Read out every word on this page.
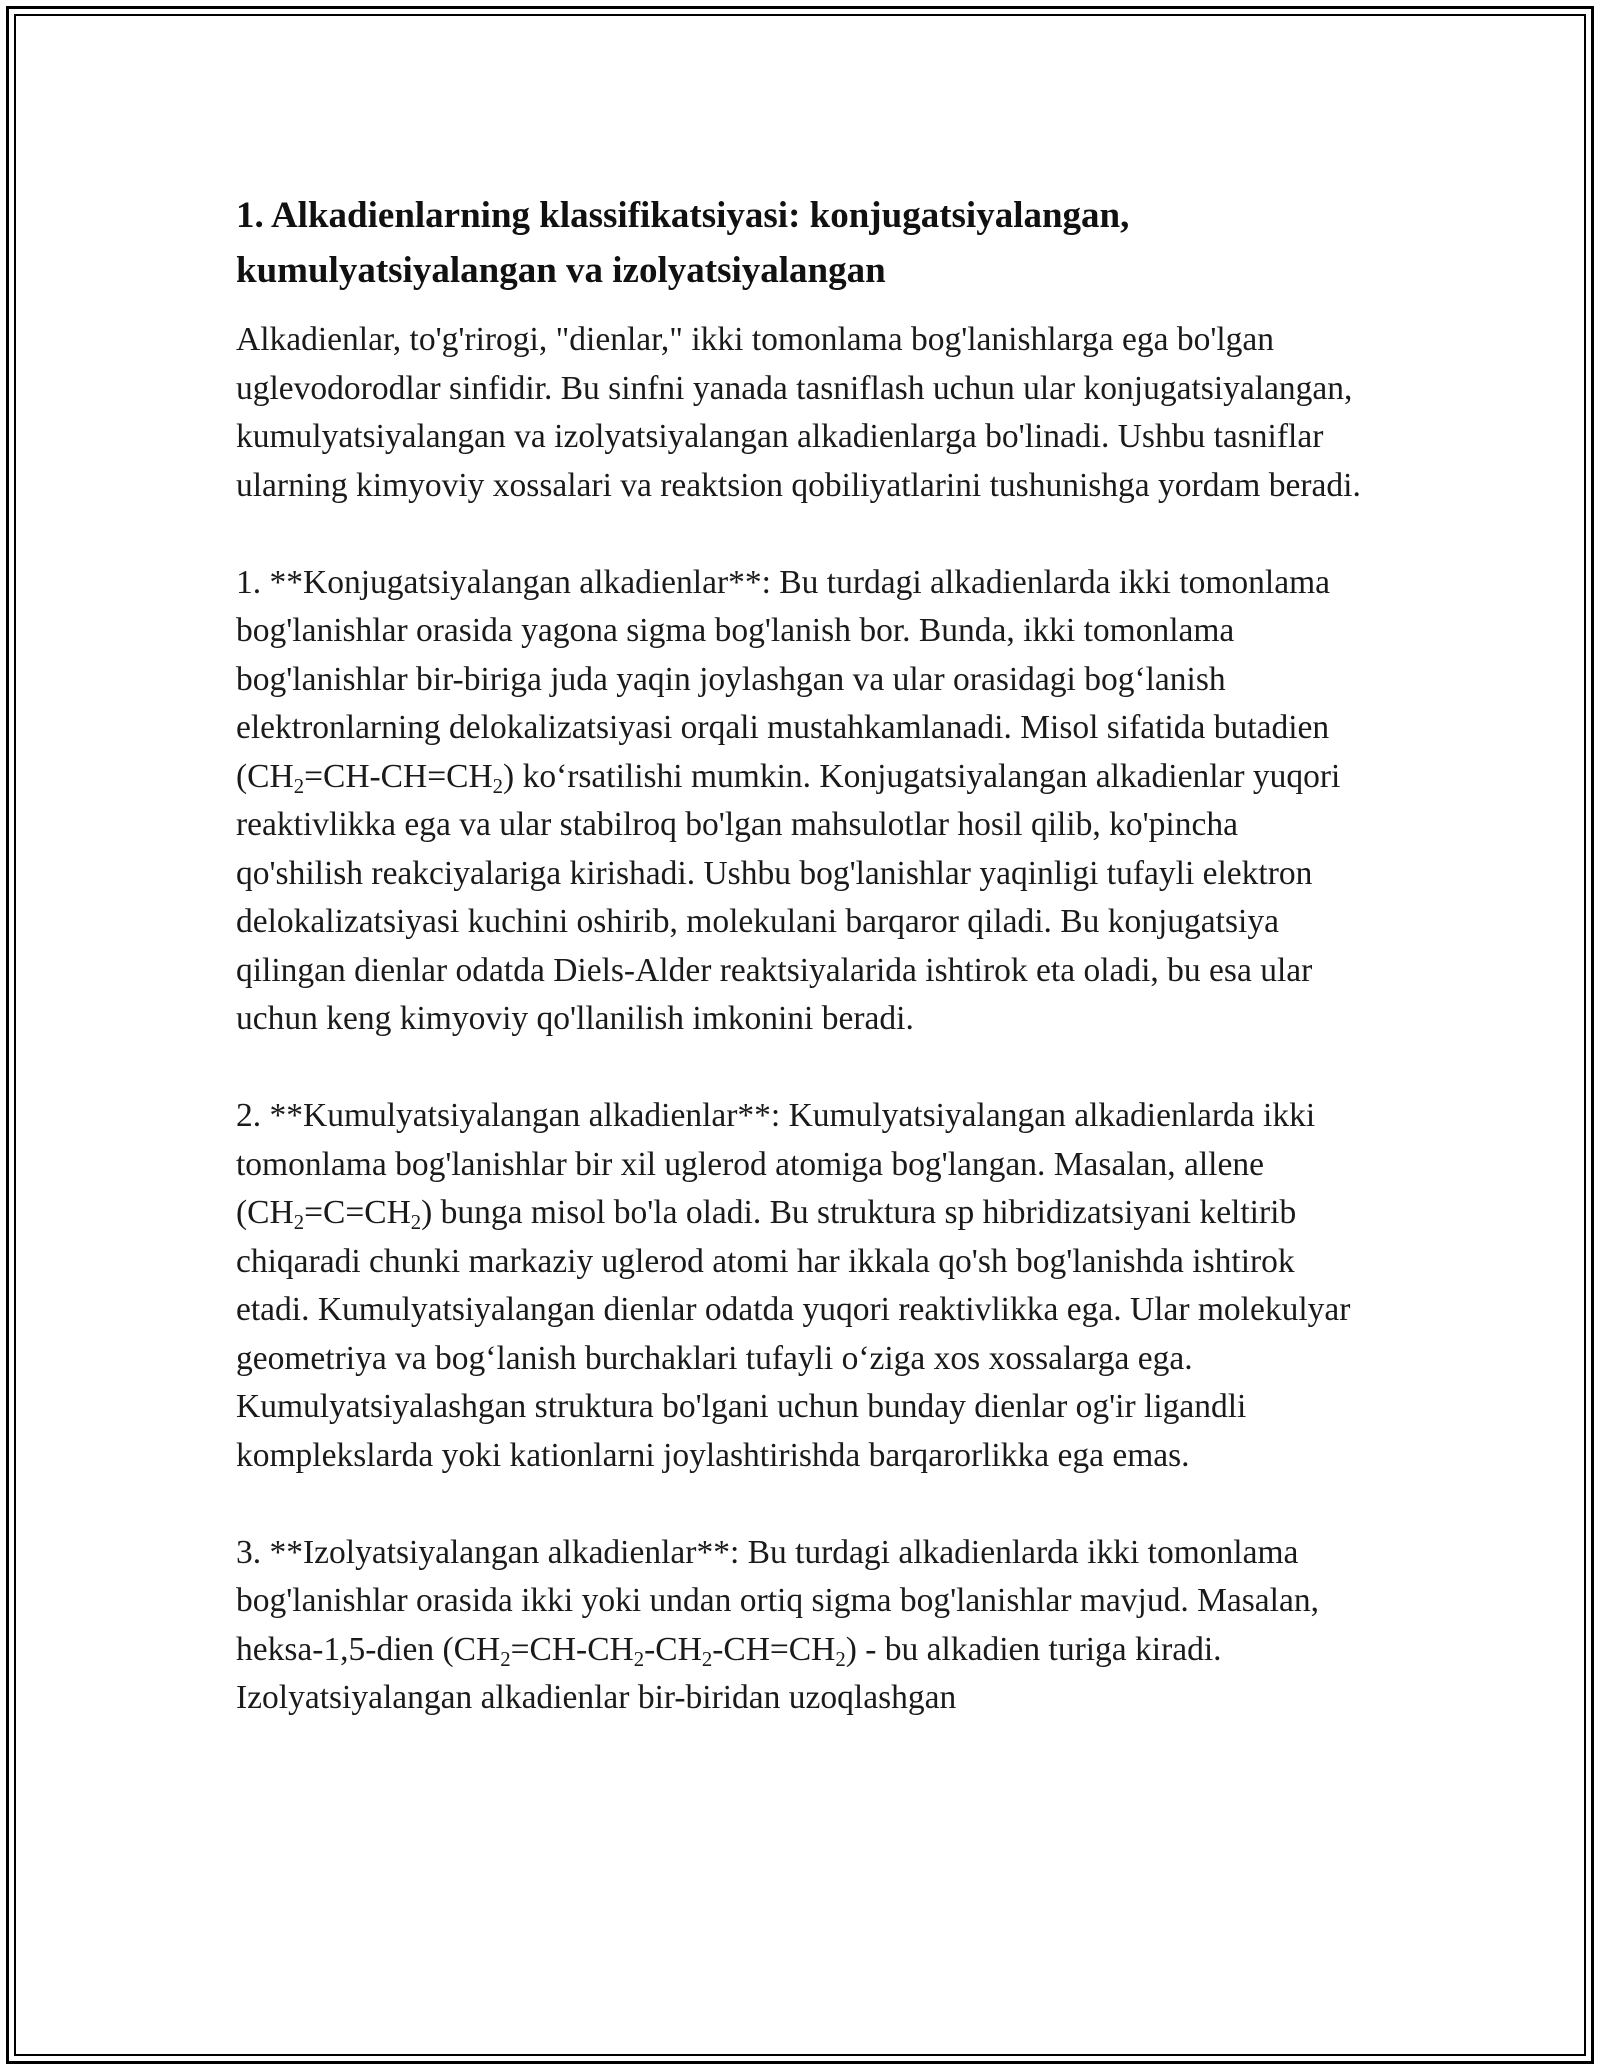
1. Alkadienlarning klassifikatsiyasi: konjugatsiyalangan, kumulyatsiyalangan va izolyatsiyalangan

Alkadienlar, to'g'rirogi, "dienlar," ikki tomonlama bog'lanishlarga ega bo'lgan uglevodorodlar sinfidir. Bu sinfni yanada tasniflash uchun ular konjugatsiyalangan, kumulyatsiyalangan va izolyatsiyalangan alkadienlarga bo'linadi. Ushbu tasniflar ularning kimyoviy xossalari va reaktsion qobiliyatlarini tushunishga yordam beradi.

1. **Konjugatsiyalangan alkadienlar**: Bu turdagi alkadienlarda ikki tomonlama bog'lanishlar orasida yagona sigma bog'lanish bor. Bunda, ikki tomonlama bog'lanishlar bir-biriga juda yaqin joylashgan va ular orasidagi bog‘lanish elektronlarning delokalizatsiyasi orqali mustahkamlanadi. Misol sifatida butadien $(CH_2=CH-CH=CH_2)$ ko‘rsatilishi mumkin. Konjugatsiyalangan alkadienlar yuqori reaktivlikka ega va ular stabilroq bo'lgan mahsulotlar hosil qilib, ko'pincha qo'shilish reakciyalariga kirishadi. Ushbu bog'lanishlar yaqinligi tufayli elektron delokalizatsiyasi kuchini oshirib, molekulani barqaror qiladi. Bu konjugatsiya qilingan dienlar odatda Diels-Alder reaktsiyalarida ishtirok eta oladi, bu esa ular uchun keng kimyoviy qo'llanilish imkonini beradi.

2. **Kumulyatsiyalangan alkadienlar**: Kumulyatsiyalangan alkadienlarda ikki tomonlama bog'lanishlar bir xil uglerod atomiga bog'langan. Masalan, allene $(CH_2=C=CH_2)$ bunga misol bo'la oladi. Bu struktura sp hibridizatsiyani keltirib chiqaradi chunki markaziy uglerod atomi har ikkala qo'sh bog'lanishda ishtirok etadi. Kumulyatsiyalangan dienlar odatda yuqori reaktivlikka ega. Ular molekulyar geometriya va bog‘lanish burchaklari tufayli o‘ziga xos xossalarga ega. Kumulyatsiyalashgan struktura bo'lgani uchun bunday dienlar og'ir ligandli komplekslarda yoki kationlarni joylashtirishda barqarorlikka ega emas.

3. **Izolyatsiyalangan alkadienlar**: Bu turdagi alkadienlarda ikki tomonlama bog'lanishlar orasida ikki yoki undan ortiq sigma bog'lanishlar mavjud. Masalan, heksa-1,5-dien $(CH_2=CH-CH_2-CH_2-CH=CH_2)$ - bu alkadien turiga kiradi. Izolyatsiyalangan alkadienlar bir-biridan uzoqlashgan
